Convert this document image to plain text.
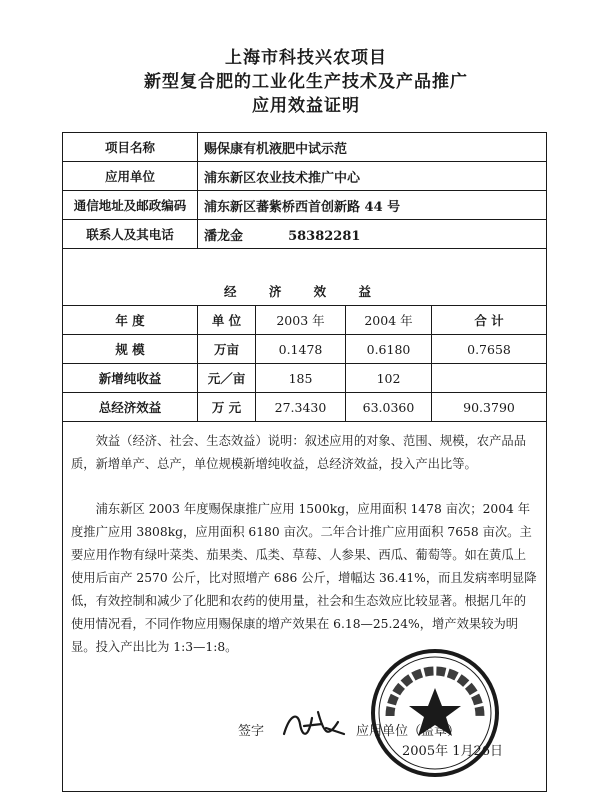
上海市科技兴农项目
新型复合肥的工业化生产技术及产品推广
应用效益证明
项目名称	赐保康有机液肥中试示范			
应用单位	浦东新区农业技术推广中心			
通信地址及邮政编码	浦东新区蕃紫桥西首创新路 44 号			
联系人及其电话	潘龙金 58382281			

经 济 效 益				
年 度	单 位	2003 年	2004 年	合 计
规 模	万亩	0.1478	0.6180	0.7658
新增纯收益	元／亩	185	102	
总经济效益	万 元	27.3430	63.0360	90.3790

效益（经济、社会、生态效益）说明：叙述应用的对象、范围、规模，农产品品质，新增单产、总产，单位规模新增纯收益，总经济效益，投入产出比等。

浦东新区 2003 年度赐保康推广应用 1500kg，应用面积 1478 亩次；2004 年度推广应用 3808kg，应用面积 6180 亩次。二年合计推广应用面积 7658 亩次。主要应用作物有绿叶菜类、茄果类、瓜类、草莓、人参果、西瓜、葡萄等。如在黄瓜上使用后亩产 2570 公斤，比对照增产 686 公斤，增幅达 36.41%，而且发病率明显降低，有效控制和减少了化肥和农药的使用量，社会和生态效应比较显著。根据几年的使用情况看，不同作物应用赐保康的增产效果在 6.18—25.24%，增产效果较为明显。投入产出比为 1:3—1:8。				

签字	应用单位（盖章）
2005年 1月26日
